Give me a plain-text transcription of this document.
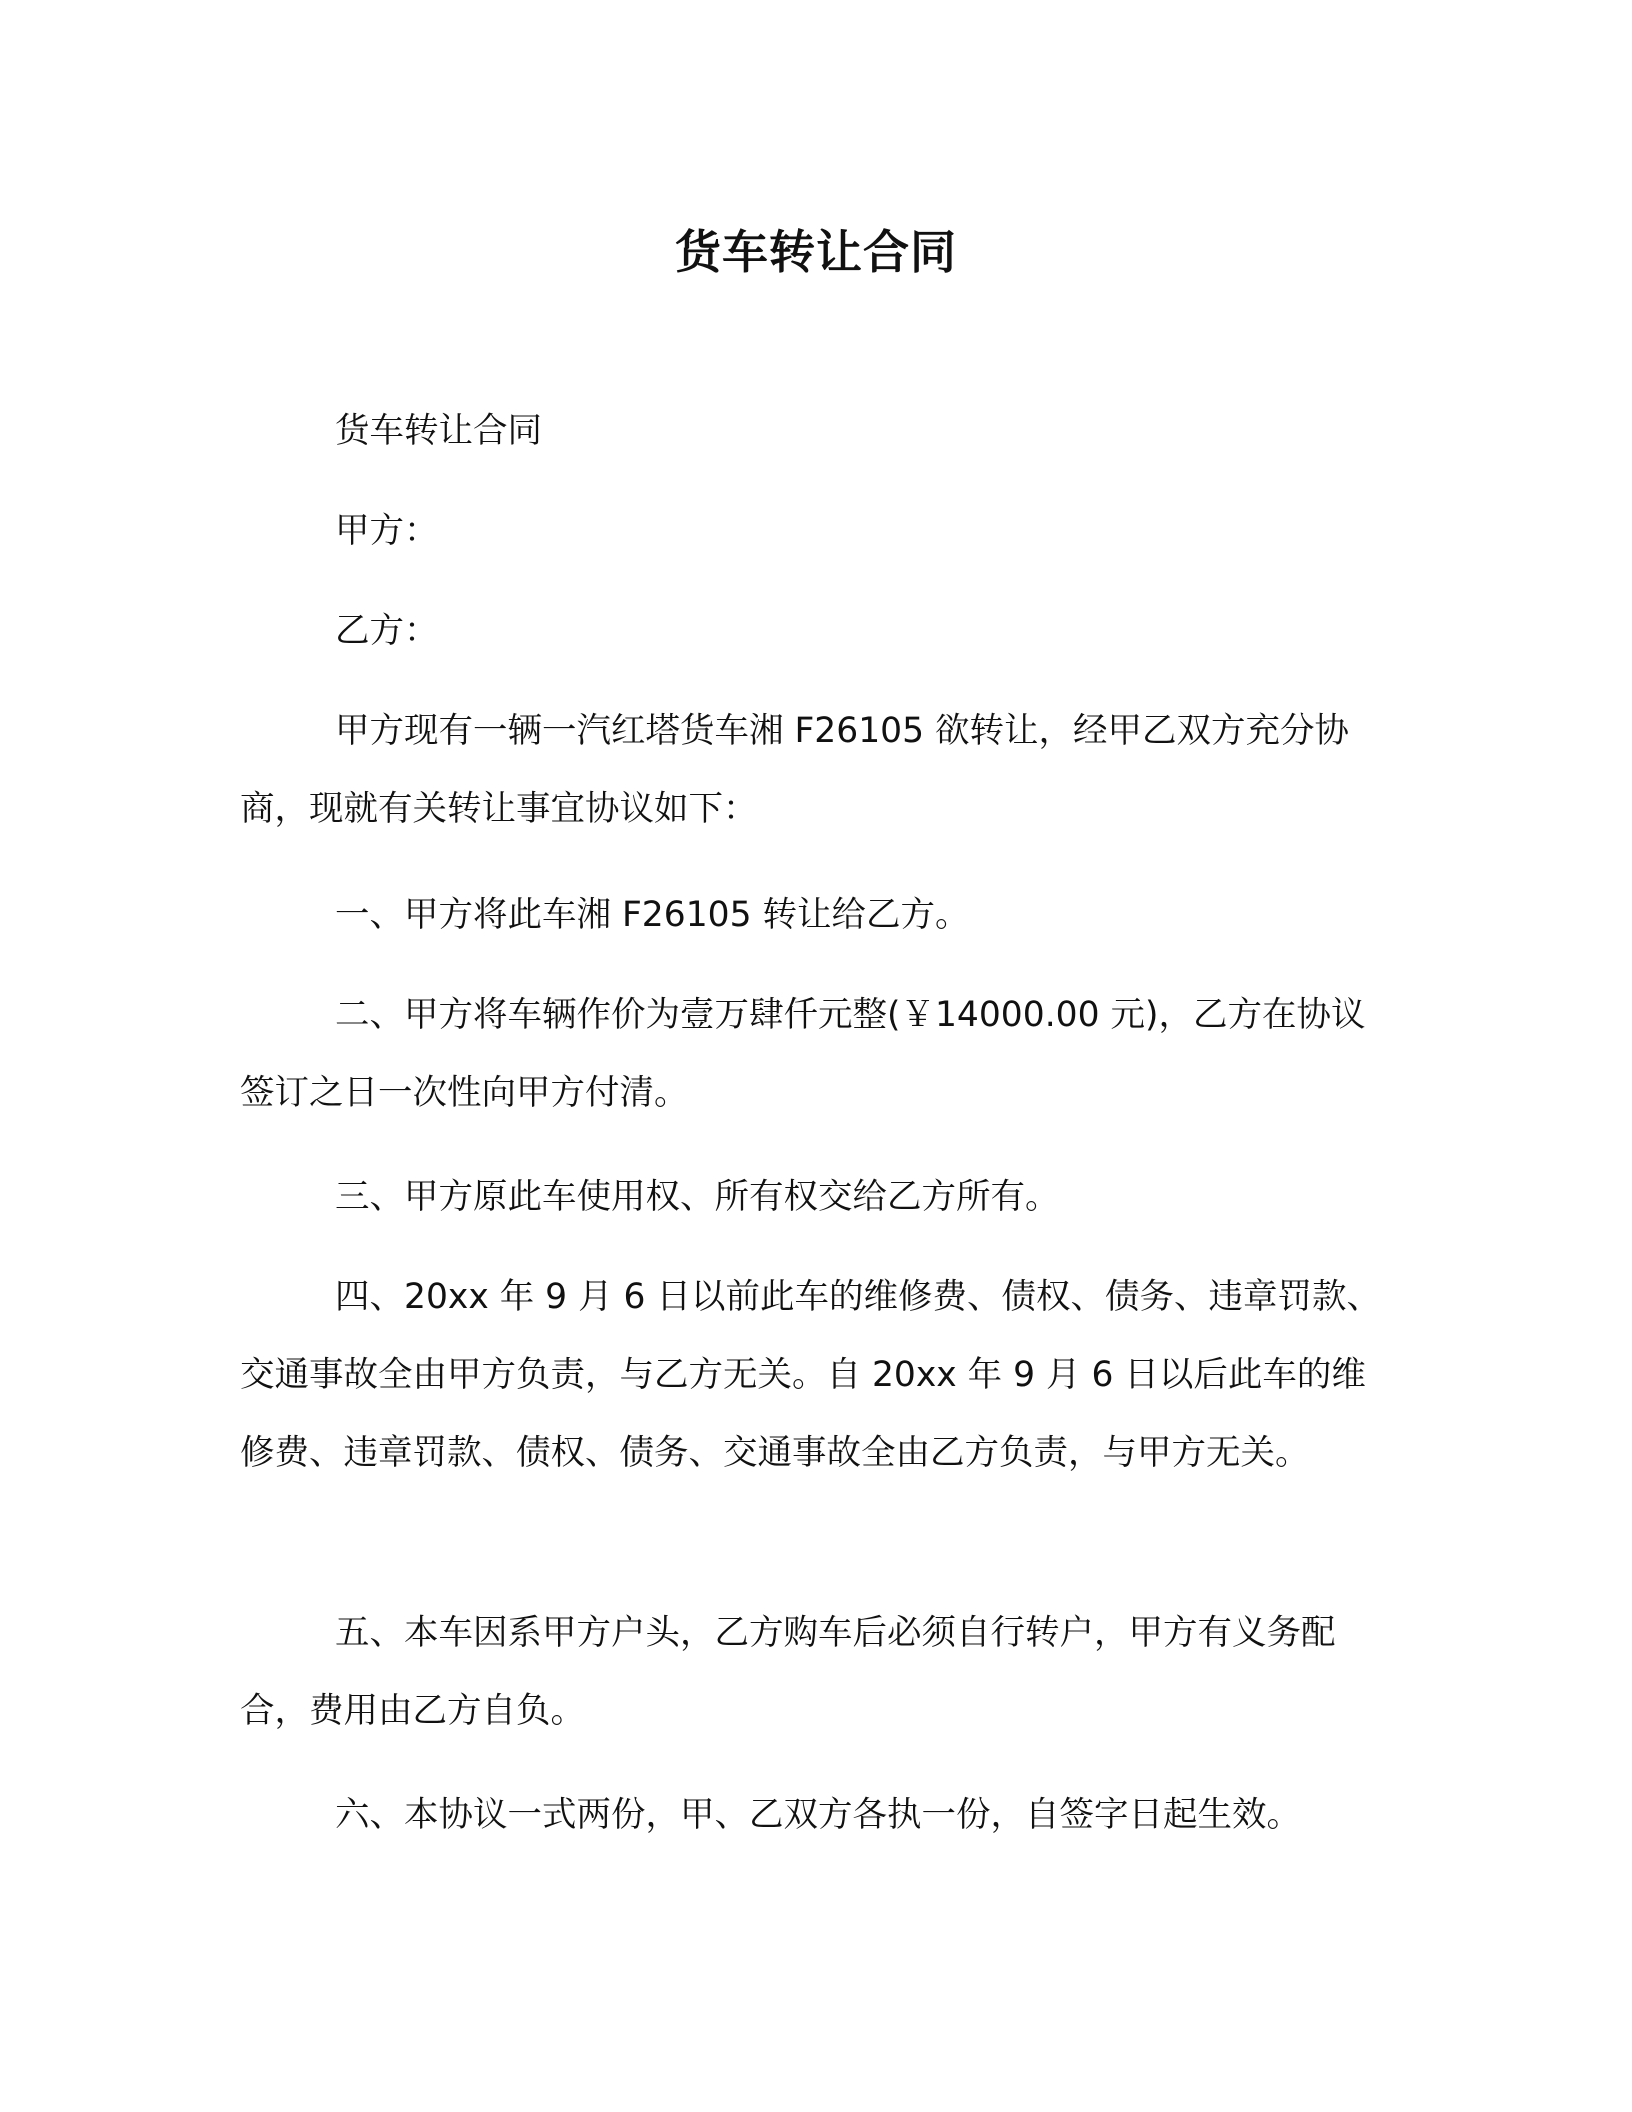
货车转让合同
货车转让合同
甲方：
乙方：
甲方现有一辆一汽红塔货车湘 F26105 欲转让，经甲乙双方充分协商，现就有关转让事宜协议如下：
一、甲方将此车湘 F26105 转让给乙方。
二、甲方将车辆作价为壹万肆仟元整(￥14000.00 元)，乙方在协议签订之日一次性向甲方付清。
三、甲方原此车使用权、所有权交给乙方所有。
四、20xx 年 9 月 6 日以前此车的维修费、债权、债务、违章罚款、交通事故全由甲方负责，与乙方无关。自 20xx 年 9 月 6 日以后此车的维修费、违章罚款、债权、债务、交通事故全由乙方负责，与甲方无关。
五、本车因系甲方户头，乙方购车后必须自行转户，甲方有义务配合，费用由乙方自负。
六、本协议一式两份，甲、乙双方各执一份，自签字日起生效。
